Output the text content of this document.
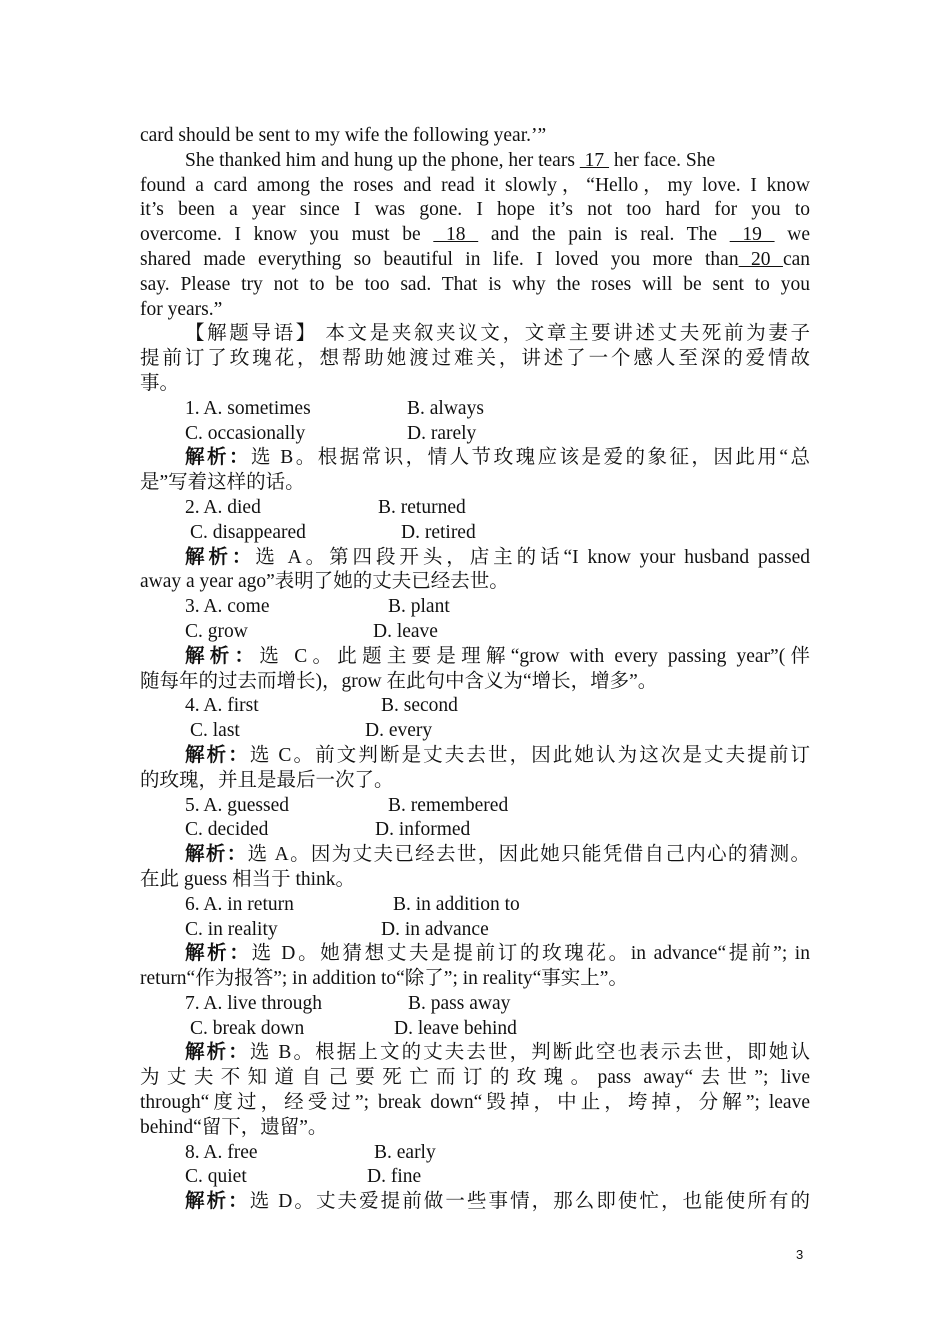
card should be sent to my wife the following year.’”
She thanked him and hung up the phone, her tears  17  her face. She
found a card among the roses and read it slowly，“Hello，my love. I know
it’s been a year since I was gone. I hope it’s not too hard for you to
overcome. I know you must be  18  and the pain is real. The  19  we
shared made everything so beautiful in life. I loved you more than 20 can
say. Please try not to be too sad. That is why the roses will be sent to you
for years.”
【解题导语】 本文是夹叙夹议文，文章主要讲述丈夫死前为妻子
提前订了玫瑰花，想帮助她渡过难关，讲述了一个感人至深的爱情故
事。
1. A. sometimes	B. always
C. occasionally	D. rarely
解析：选 B。根据常识，情人节玫瑰应该是爱的象征，因此用“总
是”写着这样的话。
2. A. died	B. returned
C. disappeared	D. retired
解析：选 A。第四段开头，店主的话“I know your husband passed
away a year ago”表明了她的丈夫已经去世。
3. A. come	B. plant
C. grow	D. leave
解析：选 C。此题主要是理解“grow with every passing year”(伴
随每年的过去而增长)，grow 在此句中含义为“增长，增多”。
4. A. first	B. second
C. last	D. every
解析：选 C。前文判断是丈夫去世，因此她认为这次是丈夫提前订
的玫瑰，并且是最后一次了。
5. A. guessed	B. remembered
C. decided	D. informed
解析：选 A。因为丈夫已经去世，因此她只能凭借自己内心的猜测。
在此 guess 相当于 think。
6. A. in return	B. in addition to
C. in reality	D. in advance
解析：选 D。她猜想丈夫是提前订的玫瑰花。in advance“提前”; in
return“作为报答”; in addition to“除了”; in reality“事实上”。
7. A. live through	B. pass away
C. break down	D. leave behind
解析：选 B。根据上文的丈夫去世，判断此空也表示去世，即她认
为丈夫不知道自己要死亡而订的玫瑰。pass away“去世”; live
through“度过，经受过”; break down“毁掉，中止，垮掉，分解”; leave
behind“留下，遗留”。
8. A. free	B. early
C. quiet	D. fine
解析：选 D。丈夫爱提前做一些事情，那么即使忙，也能使所有的
3
